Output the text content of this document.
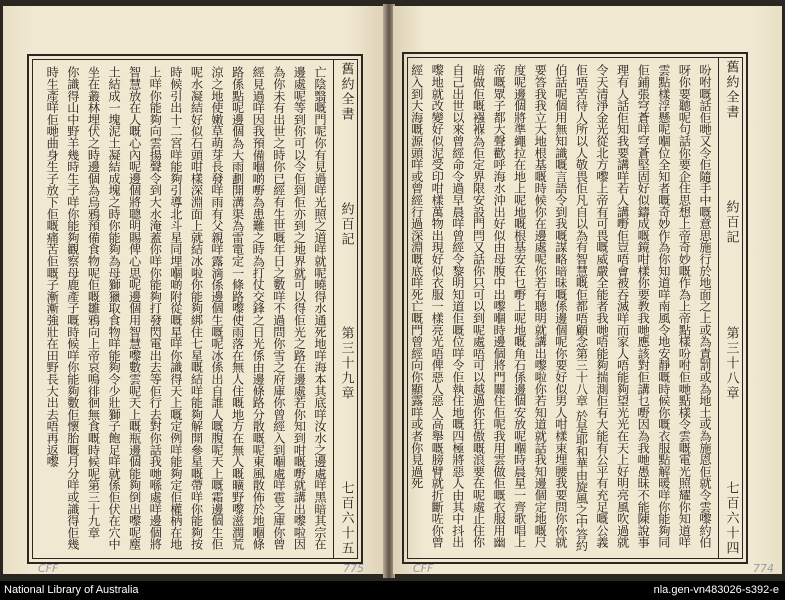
舊約全書
約百記
第三十九章
七百六十五
亡陰翳嘅門呢你有見過咩光照之道咩就呢曉得水通死地咩海本其底咩汝水之邊處咩黑暗其宗在邊處呢等到你可以令佢到佢亦到之地界就可以得佢光之路在邊處若你知到咁嘅嘢就講出嚟啦因為你未有出世之時你已經有生世嘅年日之數咩不過問你雪之府庫你曾經入到嗰處咩雹之庫你曾經見過咩因我預備嗰啲嘢為患難之時為打仗交鋒之日光係由邊條路分散嘅呢東風散佈於地嗰條路係點呢邊個為大雨劃開溝渠為雷電定一條路嚟使雨落在無人住嘅地方在無人嘅曠野嚟滋潤荒涼之地使嫩草萌芽長發咩雨有父親咩露滴係邊個生嘅呢冰係出自誰人嘅腹呢天上嘅霜邊個生佢呢水凝結好似石頭咁樣深淵面上就結冰啦你能夠綁住七星嘅結咩能夠解開參星嘅帶咩你能夠按時候引出十二宮咩能夠引導北斗星同埋嗰啲附從嘅星咩你識得天上嘅定例咩能夠定佢權柄在地上咩你能夠向雲揚聲令到大水淹蓋你咩你能夠打發閃電出去等佢行去對你話我哋喺處咩邊個將智慧放在人嘅心內呢邊個將聰明賜俾心思呢邊個用智慧嚟數雲呢天上嘅瓶邊個能夠倒出嚟呢塵土結成一塊泥土凝結成塊之時你能夠為母獅獵取食物咩能夠令少壯獅子飽足咩就係佢伏在穴中坐在叢林埋伏之時邊個為烏鴉預備食物呢佢嘅雛鴉向上帝哀鳴徘徊無食嘅時候呢第三十九章 你識得山中野羊幾時生子咩你能夠觀察母鹿產子嘅時候咩你能夠數佢懷胎嘅月分咩或識得佢幾時生產咩佢哋曲身生子放下佢嘅痛苦佢嘅子漸漸強壯在田野長大出去唔再返嚟
CFF	775
舊約全書
約百記
第三十八章
七百六十四
吩咐嘅話佢哋又令佢隨手中嘅意思施行於地面之上或為責罰或為地土或為施恩佢就令雲嚟約伯呀你要聽呢句話你要企住思想上帝奇妙嘅作為上帝點樣吩咐佢哋點樣令雲嘅電光照耀你知道咩雲點樣浮懸呢嗰位全知者嘅奇妙作為你知道咩南風令地安靜嘅時候你嘅衣服點解暖咩你能夠同佢鋪張穹蒼咩穹蒼堅固好似鑄成嘅鏡咁樣你要教我哋應該對佢講乜嘢因為我哋愚昧不能陳說事理有人話佢知我要講咩若人講嘢佢豈唔會被吞滅咩而家人唔能夠望光光在天上好明亮風吹過就令天清淨金光從北方嚟上帝有可畏嘅威嚴全能者我哋唔能夠揣測佢有大能有公平有充足嘅公義佢唔苦待人所以人敬畏佢凡自以為有智慧嘅佢都唔顧念第三十八章 於是耶和華由旋風之中答約伯話呢個用無知識嘅言語令到我嘅謀略暗昧嘅係邊個呢你要好似男人咁樣束埋腰我要問你你就要答我我立大地根基嘅時候你在邊處呢你若有聰明就講出嚟啦你若知道就話我知邊個定地嘅尺度呢邊個將準繩拉在地上呢地嘅根基安在乜嘢上呢地嘅角石係邊個安放呢嗰時晨星一齊歌唱上帝嘅眾子都大聲歡呼海水沖出好似由母腹中出嚟嗰時邊個將門關住佢呢我用雲做佢嘅衣服用幽暗做佢嘅襁褓為佢定界限安設門閂又話你只可以到呢處唔可以越過你狂傲嘅浪要在呢處止住你自己出世以來曾經命令過早晨咩曾經令黎明知道佢嘅位咩令佢執住地嘅四極將惡人由其中抖出嚟地就改變好似泥受印咁樣萬物出現好似衣服一樣亮光唔俾惡人惡人高舉嘅膀臂就折斷咗你曾經入到大海嘅源頭咩或曾經行過深淵嘅底咩死亡嘅門曾經向你顯露咩或者你見過死
CFF	774
National Library of Australia	nla.gen-vn483026-s392-e
